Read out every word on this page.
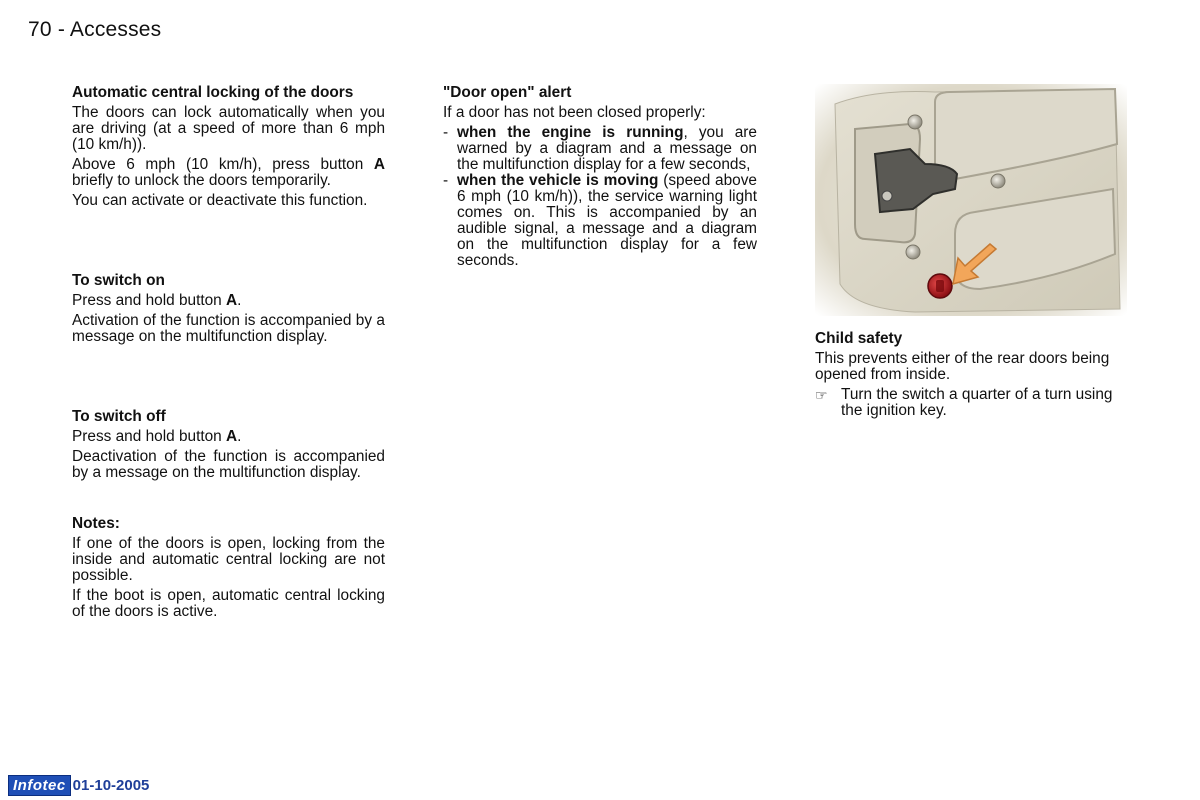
70 - Accesses

Automatic central locking of the doors

The doors can lock automatically when you are driving (at a speed of more than 6 mph (10 km/h)).

Above 6 mph (10 km/h), press button A briefly to unlock the doors temporarily.

You can activate or deactivate this function.

To switch on

Press and hold button A.

Activation of the function is accompanied by a message on the multifunction display.

To switch off

Press and hold button A.

Deactivation of the function is accompanied by a message on the multifunction display.

Notes:

If one of the doors is open, locking from the inside and automatic central locking are not possible.

If the boot is open, automatic central locking of the doors is active.

"Door open" alert

If a door has not been closed properly:

- when the engine is running, you are warned by a diagram and a message on the multifunction display for a few seconds,
- when the vehicle is moving (speed above 6 mph (10 km/h)), the service warning light comes on. This is accompanied by an audible signal, a message and a diagram on the multifunction display for a few seconds.

Child safety

This prevents either of the rear doors being opened from inside.

☞ Turn the switch a quarter of a turn using the ignition key.
Infotec 01-10-2005
